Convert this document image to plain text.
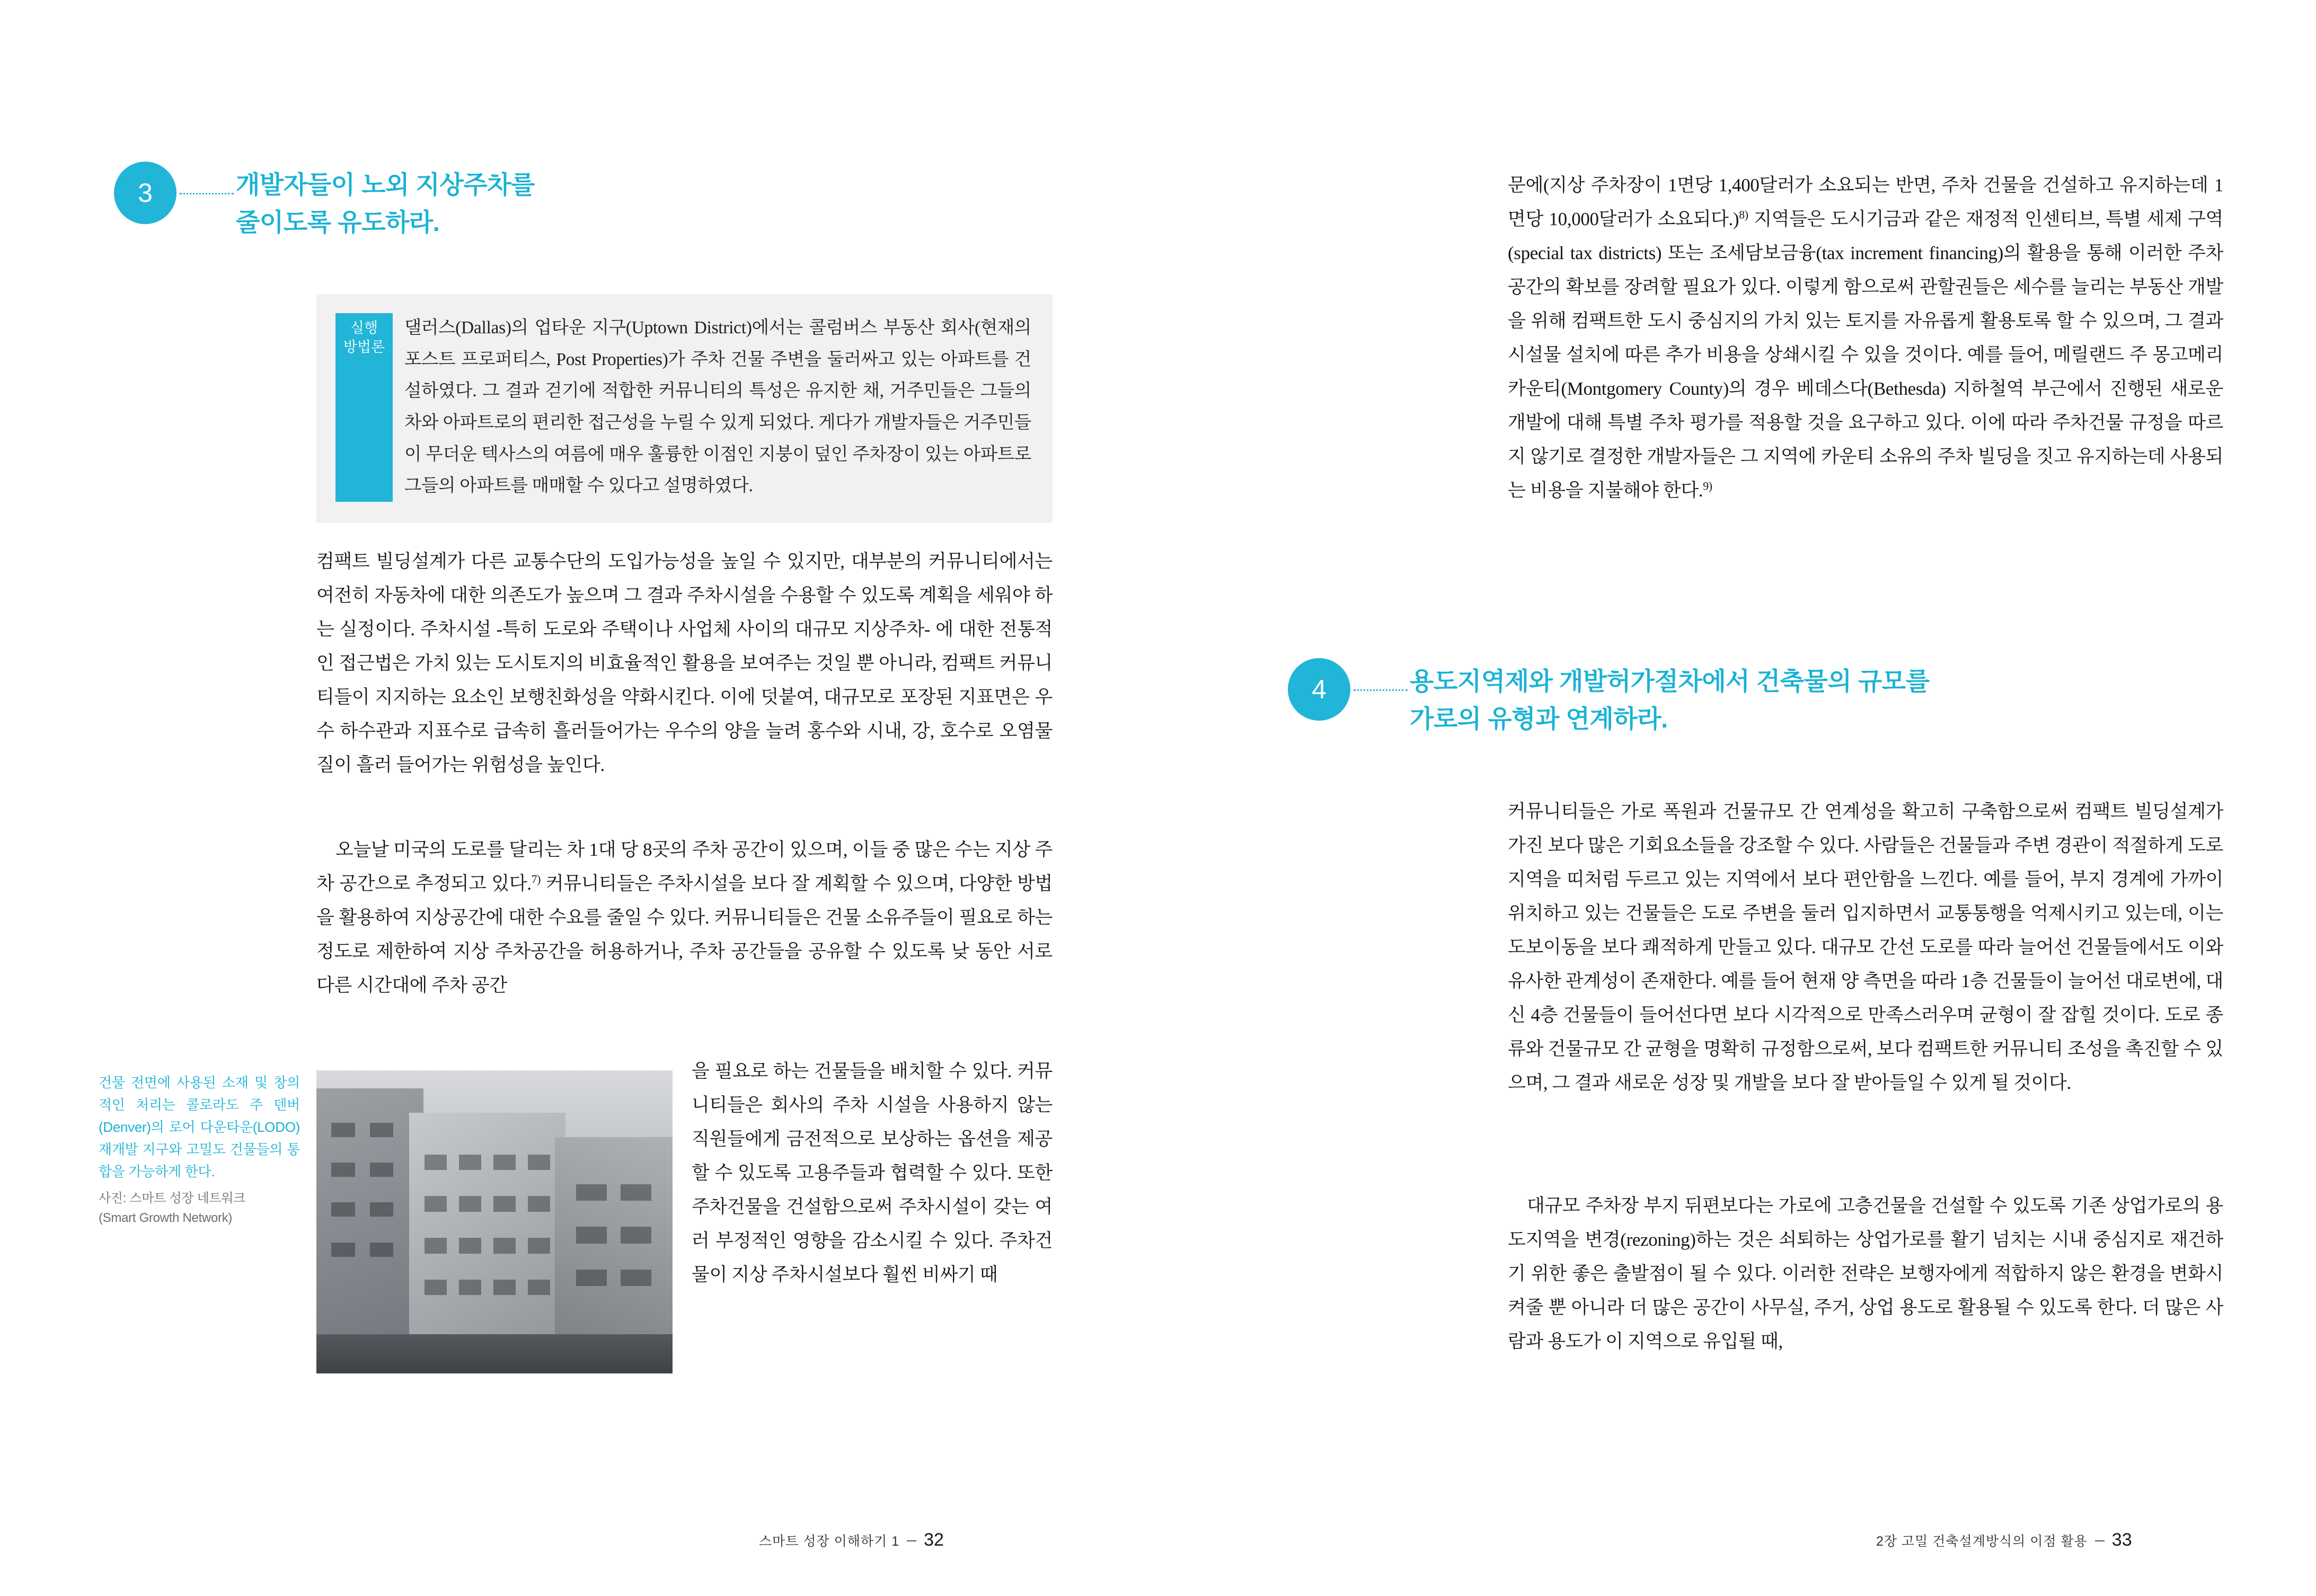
3	개발자들이 노외 지상주차를
줄이도록 유도하라.
실행
방법론
댈러스(Dallas)의 업타운 지구(Uptown District)에서는 콜럼버스 부동산 회사(현재의 포스트 프로퍼티스, Post Properties)가 주차 건물 주변을 둘러싸고 있는 아파트를 건설하였다. 그 결과 걷기에 적합한 커뮤니티의 특성은 유지한 채, 거주민들은 그들의 차와 아파트로의 편리한 접근성을 누릴 수 있게 되었다. 게다가 개발자들은 거주민들이 무더운 텍사스의 여름에 매우 훌륭한 이점인 지붕이 덮인 주차장이 있는 아파트로 그들의 아파트를 매매할 수 있다고 설명하였다.

컴팩트 빌딩설계가 다른 교통수단의 도입가능성을 높일 수 있지만, 대부분의 커뮤니티에서는 여전히 자동차에 대한 의존도가 높으며 그 결과 주차시설을 수용할 수 있도록 계획을 세워야 하는 실정이다. 주차시설 -특히 도로와 주택이나 사업체 사이의 대규모 지상주차- 에 대한 전통적인 접근법은 가치 있는 도시토지의 비효율적인 활용을 보여주는 것일 뿐 아니라, 컴팩트 커뮤니티들이 지지하는 요소인 보행친화성을 약화시킨다. 이에 덧붙여, 대규모로 포장된 지표면은 우수 하수관과 지표수로 급속히 흘러들어가는 우수의 양을 늘려 홍수와 시내, 강, 호수로 오염물질이 흘러 들어가는 위험성을 높인다.

오늘날 미국의 도로를 달리는 차 1대 당 8곳의 주차 공간이 있으며, 이들 중 많은 수는 지상 주차 공간으로 추정되고 있다.$^{7)}$ 커뮤니티들은 주차시설을 보다 잘 계획할 수 있으며, 다양한 방법을 활용하여 지상공간에 대한 수요를 줄일 수 있다. 커뮤니티들은 건물 소유주들이 필요로 하는 정도로 제한하여 지상 주차공간을 허용하거나, 주차 공간들을 공유할 수 있도록 낮 동안 서로 다른 시간대에 주차 공간

을 필요로 하는 건물들을 배치할 수 있다. 커뮤니티들은 회사의 주차 시설을 사용하지 않는 직원들에게 금전적으로 보상하는 옵션을 제공할 수 있도록 고용주들과 협력할 수 있다. 또한 주차건물을 건설함으로써 주차시설이 갖는 여러 부정적인 영향을 감소시킬 수 있다. 주차건물이 지상 주차시설보다 훨씬 비싸기 때

건물 전면에 사용된 소재 및 창의적인 처리는 콜로라도 주 덴버(Denver)의 로어 다운타운(LODO) 재개발 지구와 고밀도 건물들의 통합을 가능하게 한다.
사진: 스마트 성장 네트워크
(Smart Growth Network)
스마트 성장 이해하기 1 32

문에(지상 주차장이 1면당 1,400달러가 소요되는 반면, 주차 건물을 건설하고 유지하는데 1면당 10,000달러가 소요되다.)$^{8)}$ 지역들은 도시기금과 같은 재정적 인센티브, 특별 세제 구역(special tax districts) 또는 조세담보금융(tax increment financing)의 활용을 통해 이러한 주차공간의 확보를 장려할 필요가 있다. 이렇게 함으로써 관할권들은 세수를 늘리는 부동산 개발을 위해 컴팩트한 도시 중심지의 가치 있는 토지를 자유롭게 활용토록 할 수 있으며, 그 결과 시설물 설치에 따른 추가 비용을 상쇄시킬 수 있을 것이다. 예를 들어, 메릴랜드 주 몽고메리 카운티(Montgomery County)의 경우 베데스다(Bethesda) 지하철역 부근에서 진행된 새로운 개발에 대해 특별 주차 평가를 적용할 것을 요구하고 있다. 이에 따라 주차건물 규정을 따르지 않기로 결정한 개발자들은 그 지역에 카운티 소유의 주차 빌딩을 짓고 유지하는데 사용되는 비용을 지불해야 한다.$^{9)}$

4	용도지역제와 개발허가절차에서 건축물의 규모를
가로의 유형과 연계하라.

커뮤니티들은 가로 폭원과 건물규모 간 연계성을 확고히 구축함으로써 컴팩트 빌딩설계가 가진 보다 많은 기회요소들을 강조할 수 있다. 사람들은 건물들과 주변 경관이 적절하게 도로 지역을 띠처럼 두르고 있는 지역에서 보다 편안함을 느낀다. 예를 들어, 부지 경계에 가까이 위치하고 있는 건물들은 도로 주변을 둘러 입지하면서 교통통행을 억제시키고 있는데, 이는 도보이동을 보다 쾌적하게 만들고 있다. 대규모 간선 도로를 따라 늘어선 건물들에서도 이와 유사한 관계성이 존재한다. 예를 들어 현재 양 측면을 따라 1층 건물들이 늘어선 대로변에, 대신 4층 건물들이 들어선다면 보다 시각적으로 만족스러우며 균형이 잘 잡힐 것이다. 도로 종류와 건물규모 간 균형을 명확히 규정함으로써, 보다 컴팩트한 커뮤니티 조성을 촉진할 수 있으며, 그 결과 새로운 성장 및 개발을 보다 잘 받아들일 수 있게 될 것이다.

대규모 주차장 부지 뒤편보다는 가로에 고층건물을 건설할 수 있도록 기존 상업가로의 용도지역을 변경(rezoning)하는 것은 쇠퇴하는 상업가로를 활기 넘치는 시내 중심지로 재건하기 위한 좋은 출발점이 될 수 있다. 이러한 전략은 보행자에게 적합하지 않은 환경을 변화시켜줄 뿐 아니라 더 많은 공간이 사무실, 주거, 상업 용도로 활용될 수 있도록 한다. 더 많은 사람과 용도가 이 지역으로 유입될 때,

2장 고밀 건축설계방식의 이점 활용 33
